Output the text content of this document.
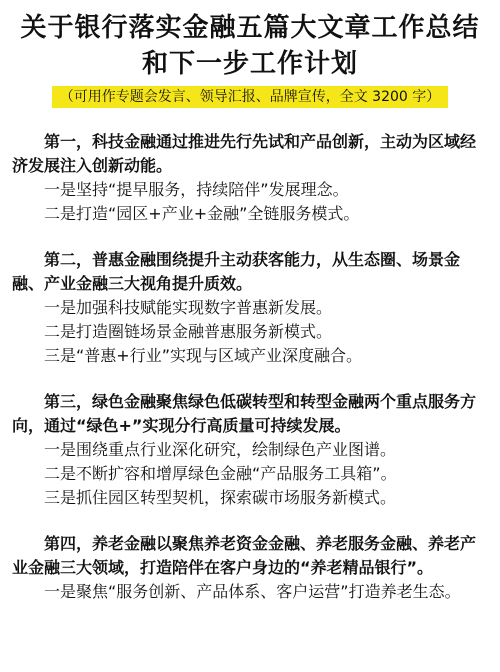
关于银行落实金融五篇大文章工作总结和下一步工作计划
（可用作专题会发言、领导汇报、品牌宣传，全文 3200 字）

第一，科技金融通过推进先行先试和产品创新，主动为区域经济发展注入创新动能。

一是坚持“提早服务，持续陪伴”发展理念。

二是打造“园区+产业+金融”全链服务模式。

第二，普惠金融围绕提升主动获客能力，从生态圈、场景金融、产业金融三大视角提升质效。

一是加强科技赋能实现数字普惠新发展。

二是打造圈链场景金融普惠服务新模式。

三是“普惠+行业”实现与区域产业深度融合。

第三，绿色金融聚焦绿色低碳转型和转型金融两个重点服务方向，通过“绿色+”实现分行高质量可持续发展。

一是围绕重点行业深化研究，绘制绿色产业图谱。

二是不断扩容和增厚绿色金融“产品服务工具箱”。

三是抓住园区转型契机，探索碳市场服务新模式。

第四，养老金融以聚焦养老资金金融、养老服务金融、养老产业金融三大领域，打造陪伴在客户身边的“养老精品银行”。

一是聚焦“服务创新、产品体系、客户运营”打造养老生态。
